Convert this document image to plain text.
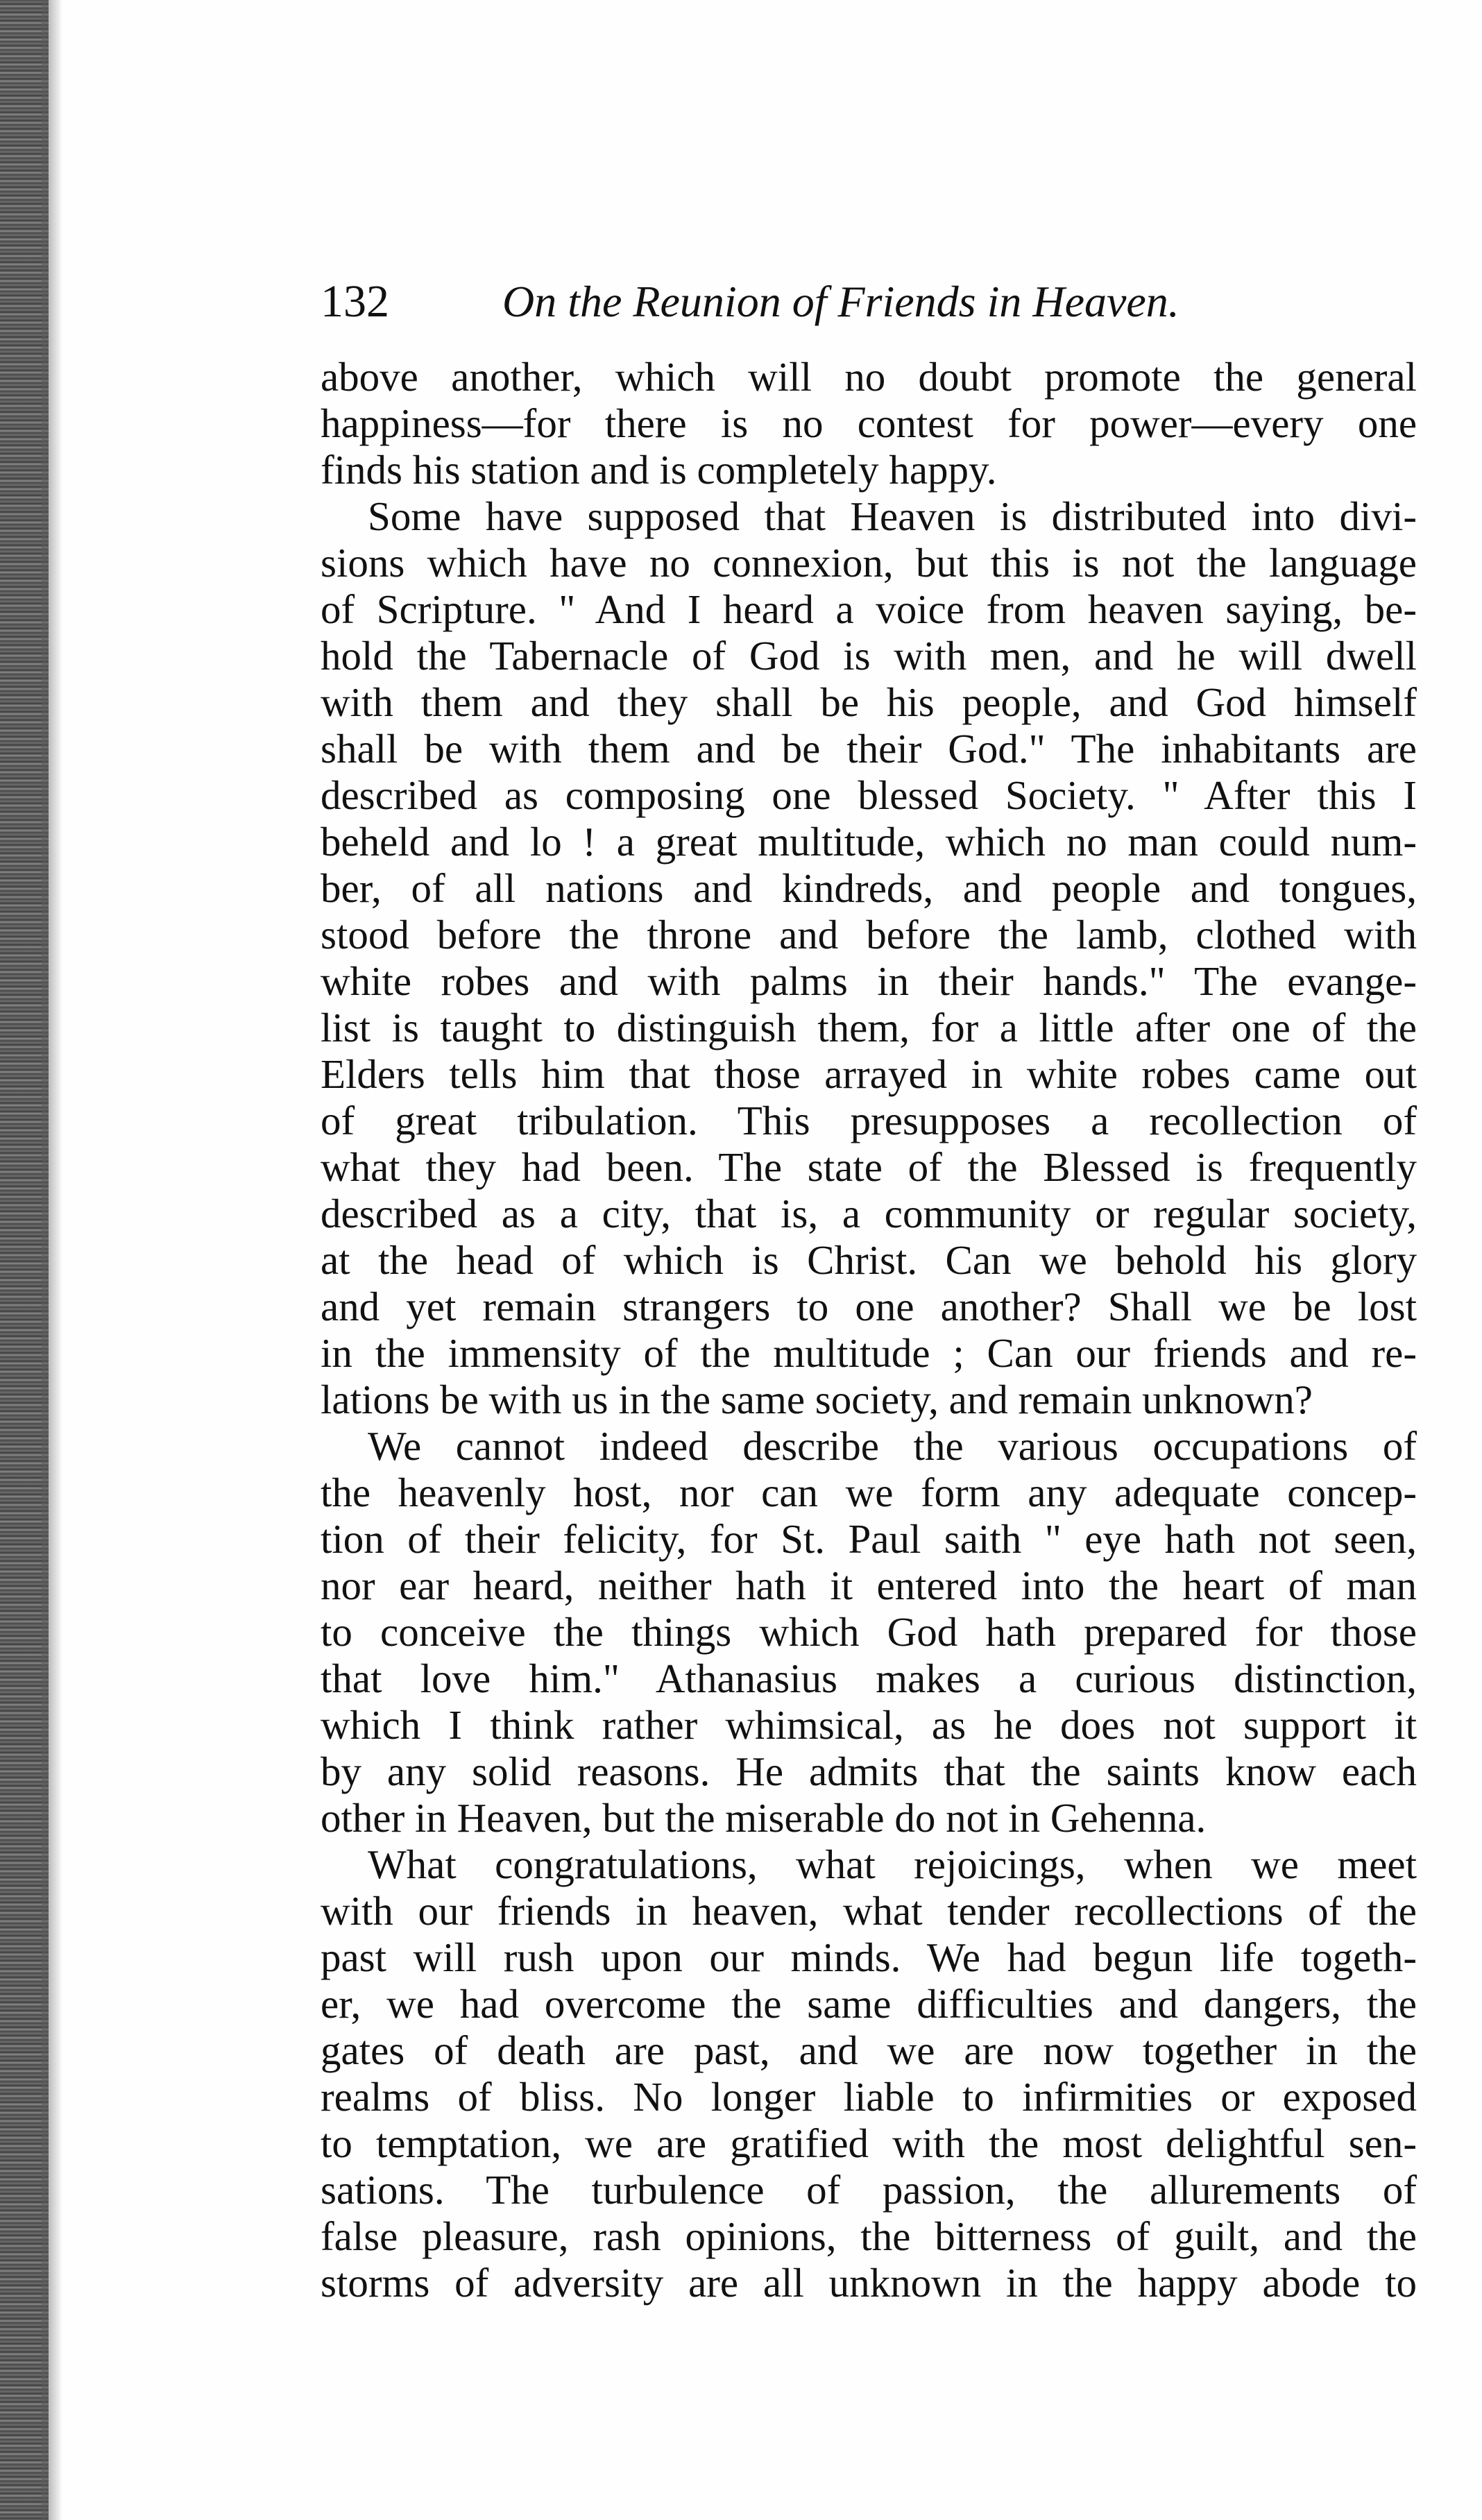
132	On the Reunion of Friends in Heaven.
above another, which will no doubt promote the general
happiness—for there is no contest for power—every one
finds his station and is completely happy.
Some have supposed that Heaven is distributed into divi-
sions which have no connexion, but this is not the language
of Scripture. " And I heard a voice from heaven saying, be-
hold the Tabernacle of God is with men, and he will dwell
with them and they shall be his people, and God himself
shall be with them and be their God." The inhabitants are
described as composing one blessed Society. " After this I
beheld and lo ! a great multitude, which no man could num-
ber, of all nations and kindreds, and people and tongues,
stood before the throne and before the lamb, clothed with
white robes and with palms in their hands." The evange-
list is taught to distinguish them, for a little after one of the
Elders tells him that those arrayed in white robes came out
of great tribulation. This presupposes a recollection of
what they had been. The state of the Blessed is frequently
described as a city, that is, a community or regular society,
at the head of which is Christ. Can we behold his glory
and yet remain strangers to one another? Shall we be lost
in the immensity of the multitude ; Can our friends and re-
lations be with us in the same society, and remain unknown?
We cannot indeed describe the various occupations of
the heavenly host, nor can we form any adequate concep-
tion of their felicity, for St. Paul saith " eye hath not seen,
nor ear heard, neither hath it entered into the heart of man
to conceive the things which God hath prepared for those
that love him." Athanasius makes a curious distinction,
which I think rather whimsical, as he does not support it
by any solid reasons. He admits that the saints know each
other in Heaven, but the miserable do not in Gehenna.
What congratulations, what rejoicings, when we meet
with our friends in heaven, what tender recollections of the
past will rush upon our minds. We had begun life togeth-
er, we had overcome the same difficulties and dangers, the
gates of death are past, and we are now together in the
realms of bliss. No longer liable to infirmities or exposed
to temptation, we are gratified with the most delightful sen-
sations. The turbulence of passion, the allurements of
false pleasure, rash opinions, the bitterness of guilt, and the
storms of adversity are all unknown in the happy abode to
